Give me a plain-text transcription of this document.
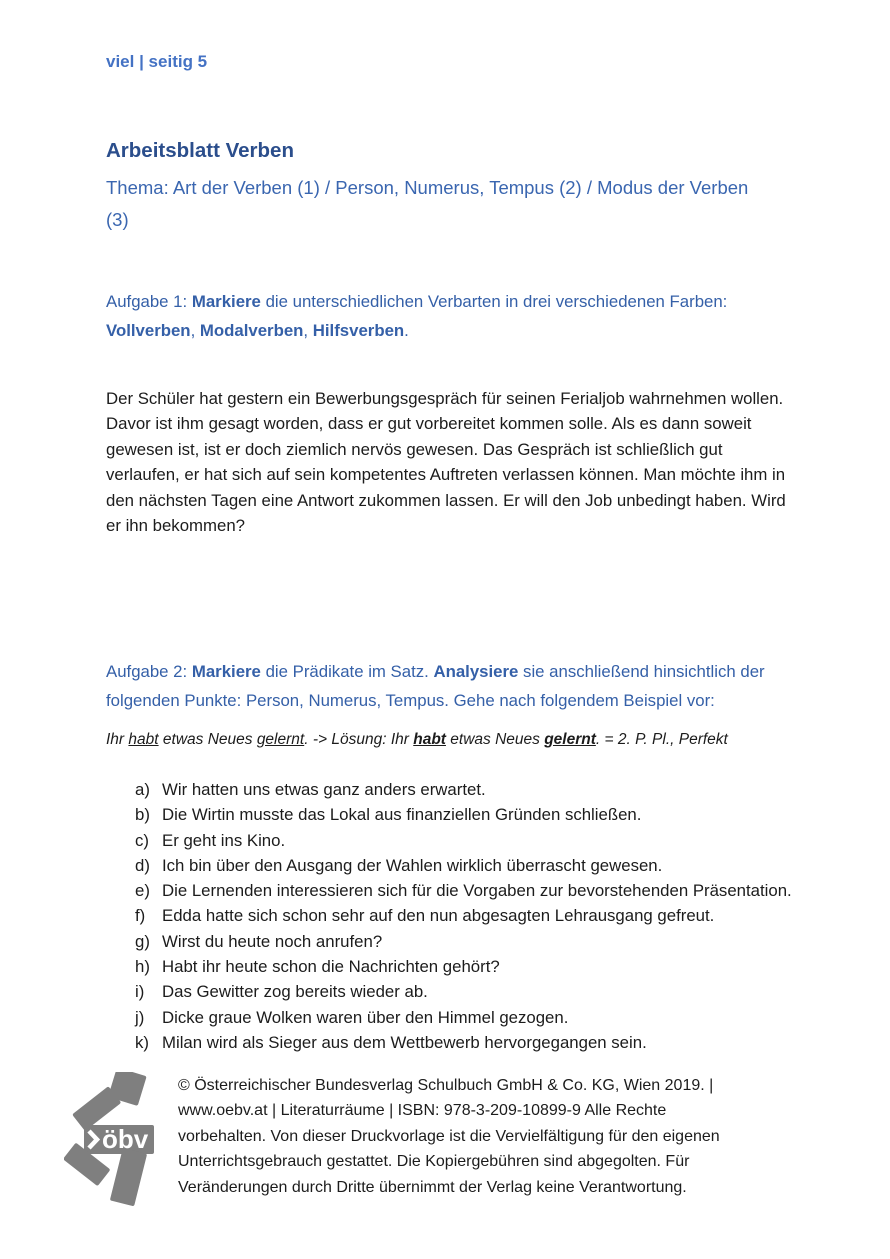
viel | seitig 5
Arbeitsblatt Verben

Thema: Art der Verben (1) / Person, Numerus, Tempus (2) / Modus der Verben
(3)

Aufgabe 1: Markiere die unterschiedlichen Verbarten in drei verschiedenen Farben:
Vollverben, Modalverben, Hilfsverben.

Der Schüler hat gestern ein Bewerbungsgespräch für seinen Ferialjob wahrnehmen wollen. Davor ist ihm gesagt worden, dass er gut vorbereitet kommen solle. Als es dann soweit gewesen ist, ist er doch ziemlich nervös gewesen. Das Gespräch ist schließlich gut verlaufen, er hat sich auf sein kompetentes Auftreten verlassen können. Man möchte ihm in den nächsten Tagen eine Antwort zukommen lassen. Er will den Job unbedingt haben. Wird er ihn bekommen?

Aufgabe 2: Markiere die Prädikate im Satz. Analysiere sie anschließend hinsichtlich der
folgenden Punkte: Person, Numerus, Tempus. Gehe nach folgendem Beispiel vor:

Ihr habt etwas Neues gelernt. -> Lösung: Ihr habt etwas Neues gelernt. = 2. P. Pl., Perfekt

a) Wir hatten uns etwas ganz anders erwartet.
b) Die Wirtin musste das Lokal aus finanziellen Gründen schließen.
c) Er geht ins Kino.
d) Ich bin über den Ausgang der Wahlen wirklich überrascht gewesen.
e) Die Lernenden interessieren sich für die Vorgaben zur bevorstehenden Präsentation.
f) Edda hatte sich schon sehr auf den nun abgesagten Lehrausgang gefreut.
g) Wirst du heute noch anrufen?
h) Habt ihr heute schon die Nachrichten gehört?
i) Das Gewitter zog bereits wieder ab.
j) Dicke graue Wolken waren über den Himmel gezogen.
k) Milan wird als Sieger aus dem Wettbewerb hervorgegangen sein.
öbv
© Österreichischer Bundesverlag Schulbuch GmbH & Co. KG, Wien 2019. |
www.oebv.at | Literaturräume | ISBN: 978-3-209-10899-9 Alle Rechte
vorbehalten. Von dieser Druckvorlage ist die Vervielfältigung für den eigenen
Unterrichtsgebrauch gestattet. Die Kopiergebühren sind abgegolten. Für
Veränderungen durch Dritte übernimmt der Verlag keine Verantwortung.
